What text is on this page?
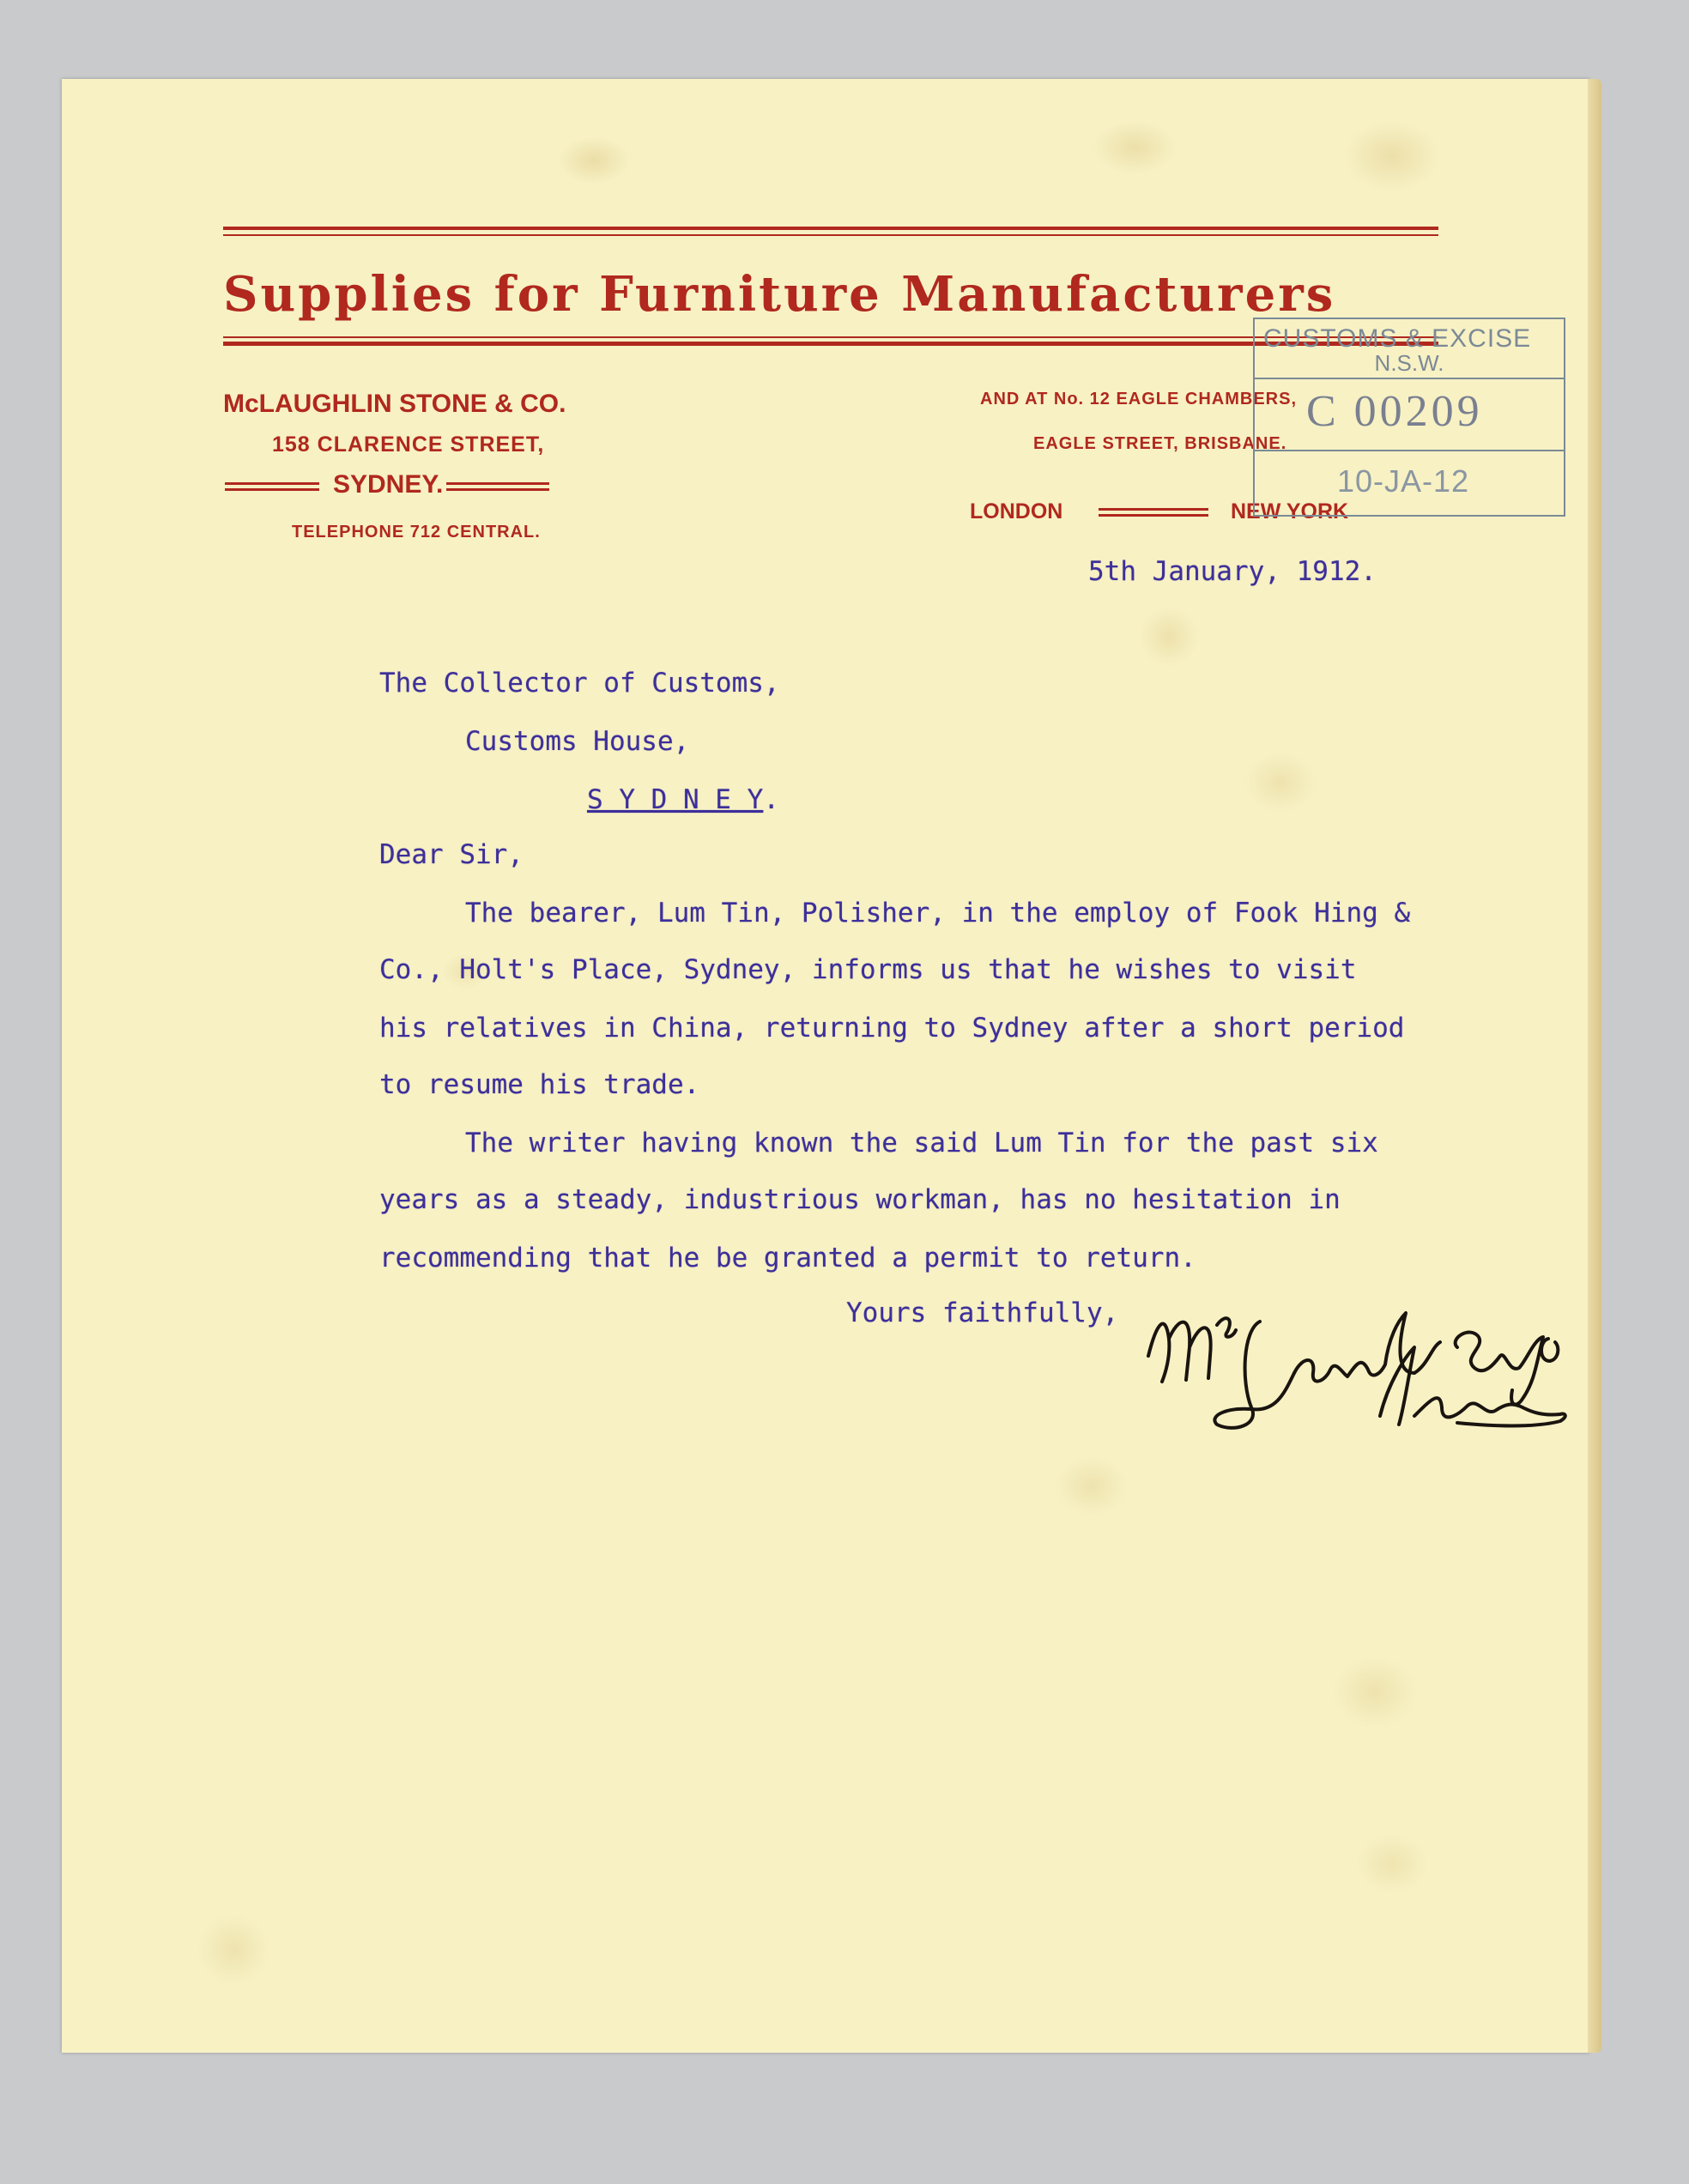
Supplies for Furniture Manufacturers

McLAUGHLIN STONE & CO.

158 CLARENCE STREET,

SYDNEY.

TELEPHONE 712 CENTRAL.

AND AT No. 12 EAGLE CHAMBERS,

EAGLE STREET, BRISBANE.

LONDON	NEW YORK

5th January, 1912.

The Collector of Customs,

Customs House,

S Y D N E Y.

Dear Sir,

The bearer, Lum Tin, Polisher, in the employ of Fook Hing &

Co., Holt's Place, Sydney, informs us that he wishes to visit

his relatives in China, returning to Sydney after a short period

to resume his trade.

The writer having known the said Lum Tin for the past six

years as a steady, industrious workman, has no hesitation in

recommending that he be granted a permit to return.

Yours faithfully,

CUSTOMS & EXCISE
N.S.W.
C 00209
10-JA-12
